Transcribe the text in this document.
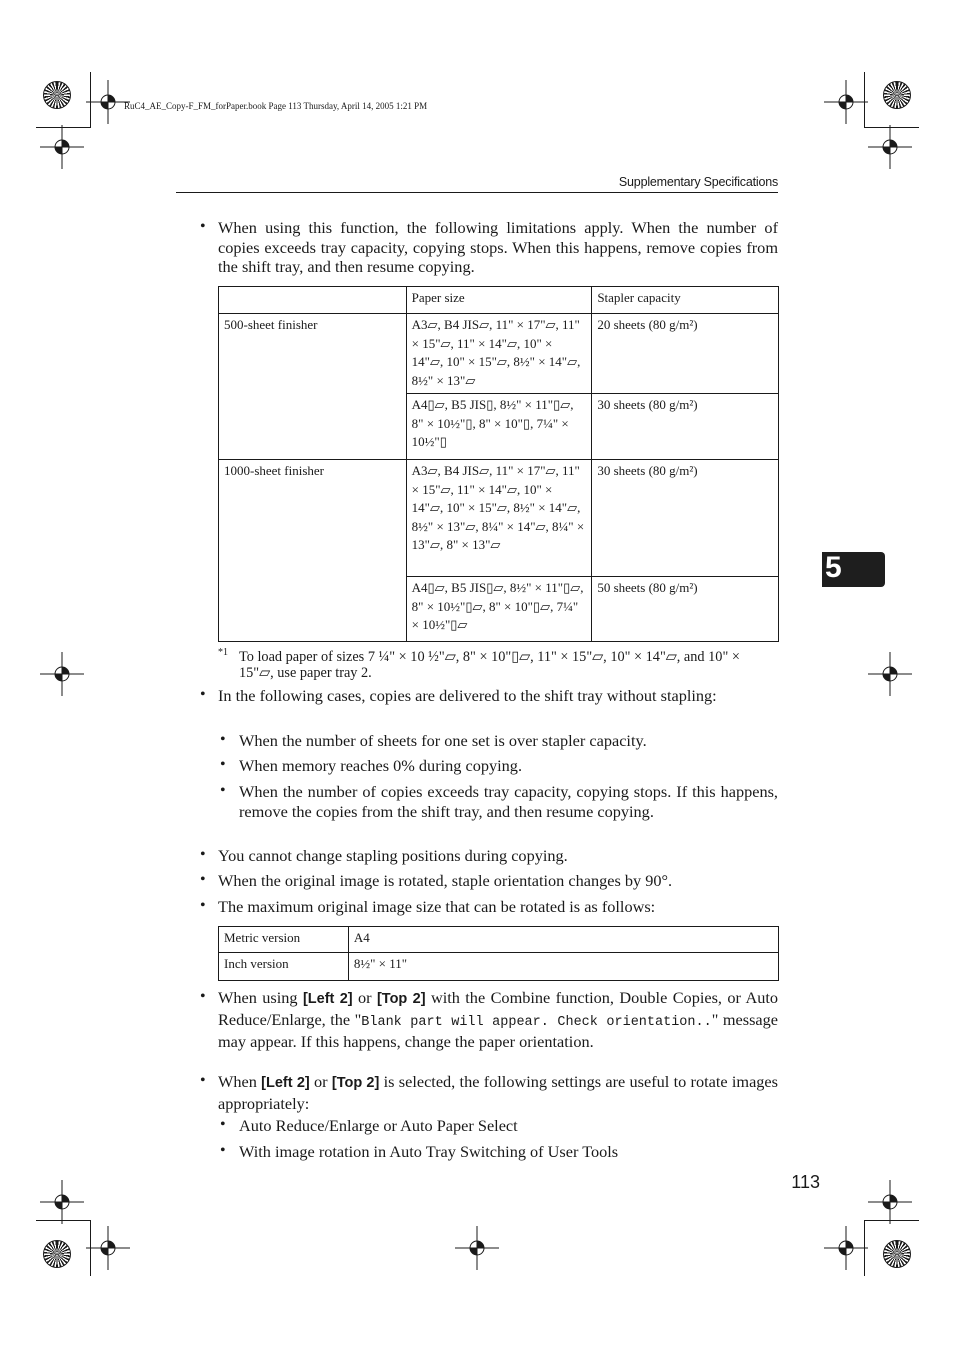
RuC4_AE_Copy-F_FM_forPaper.book Page 113 Thursday, April 14, 2005 1:21 PM
Supplementary Specifications
5
• When using this function, the following limitations apply. When the number of copies exceeds tray capacity, copying stops. When this happens, remove copies from the shift tray, and then resume copying.
	Paper size	Stapler capacity
500-sheet finisher	A3▱, B4 JIS▱, 11" × 17"▱, 11" × 15"▱, 11" × 14"▱, 10" × 14"▱, 10" × 15"▱, 8½" × 14"▱, 8½" × 13"▱	20 sheets (80 g/m²)
	A4▯▱, B5 JIS▯, 8½" × 11"▯▱, 8" × 10½"▯, 8" × 10"▯, 7¼" × 10½"▯	30 sheets (80 g/m²)
1000-sheet finisher	A3▱, B4 JIS▱, 11" × 17"▱, 11" × 15"▱, 11" × 14"▱, 10" × 14"▱, 10" × 15"▱, 8½" × 14"▱, 8½" × 13"▱, 8¼" × 14"▱, 8¼" × 13"▱, 8" × 13"▱	30 sheets (80 g/m²)
	A4▯▱, B5 JIS▯▱, 8½" × 11"▯▱, 8" × 10½"▯▱, 8" × 10"▯▱, 7¼" × 10½"▯▱	50 sheets (80 g/m²)
*1 To load paper of sizes 7 ¼" × 10 ½"▱, 8" × 10"▯▱, 11" × 15"▱, 10" × 14"▱, and 10" × 15"▱, use paper tray 2.
• In the following cases, copies are delivered to the shift tray without stapling:
• When the number of sheets for one set is over stapler capacity.
• When memory reaches 0% during copying.
• When the number of copies exceeds tray capacity, copying stops. If this happens, remove the copies from the shift tray, and then resume copying.
• You cannot change stapling positions during copying.
• When the original image is rotated, staple orientation changes by 90°.
• The maximum original image size that can be rotated is as follows:
Metric version	A4
Inch version	8½" × 11"
• When using [Left 2] or [Top 2] with the Combine function, Double Copies, or Auto Reduce/Enlarge, the "Blank part will appear. Check orientation.." message may appear. If this happens, change the paper orientation.
• When [Left 2] or [Top 2] is selected, the following settings are useful to rotate images appropriately:
• Auto Reduce/Enlarge or Auto Paper Select
• With image rotation in Auto Tray Switching of User Tools
113
